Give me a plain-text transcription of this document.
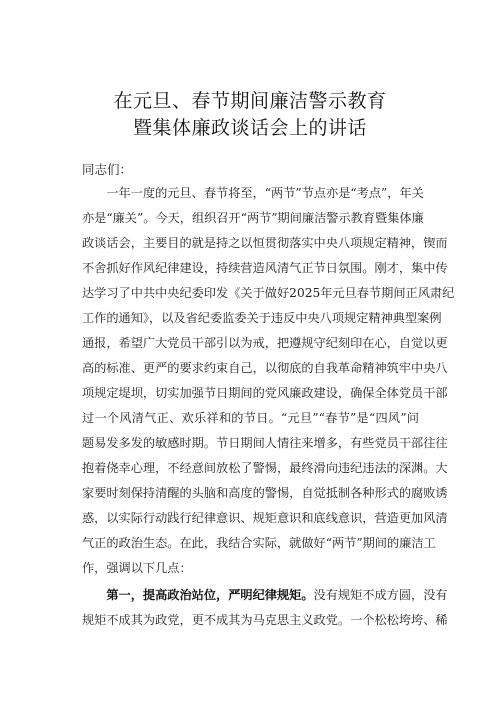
在元旦、春节期间廉洁警示教育
暨集体廉政谈话会上的讲话
同志们：
　　一年一度的元旦、春节将至，“两节”节点亦是“考点”，年关
亦是“廉关”。今天，组织召开“两节”期间廉洁警示教育暨集体廉
政谈话会，主要目的就是持之以恒贯彻落实中央八项规定精神，锲而
不舍抓好作风纪律建设，持续营造风清气正节日氛围。刚才，集中传
达学习了中共中央纪委印发《关于做好2025年元旦春节期间正风肃纪
工作的通知》，以及省纪委监委关于违反中央八项规定精神典型案例
通报，希望广大党员干部引以为戒，把遵规守纪刻印在心，自觉以更
高的标准、更严的要求约束自己，以彻底的自我革命精神筑牢中央八
项规定堤坝，切实加强节日期间的党风廉政建设，确保全体党员干部
过一个风清气正、欢乐祥和的节日。“元旦”“春节”是“四风”问
题易发多发的敏感时期。节日期间人情往来增多，有些党员干部往往
抱着侥幸心理，不经意间放松了警惕，最终滑向违纪违法的深渊。大
家要时刻保持清醒的头脑和高度的警惕，自觉抵制各种形式的腐败诱
惑，以实际行动践行纪律意识、规矩意识和底线意识，营造更加风清
气正的政治生态。在此，我结合实际，就做好“两节”期间的廉洁工
作，强调以下几点：
　　第一，提高政治站位，严明纪律规矩。没有规矩不成方圆，没有
规矩不成其为政党，更不成其为马克思主义政党。一个松松垮垮、稀
